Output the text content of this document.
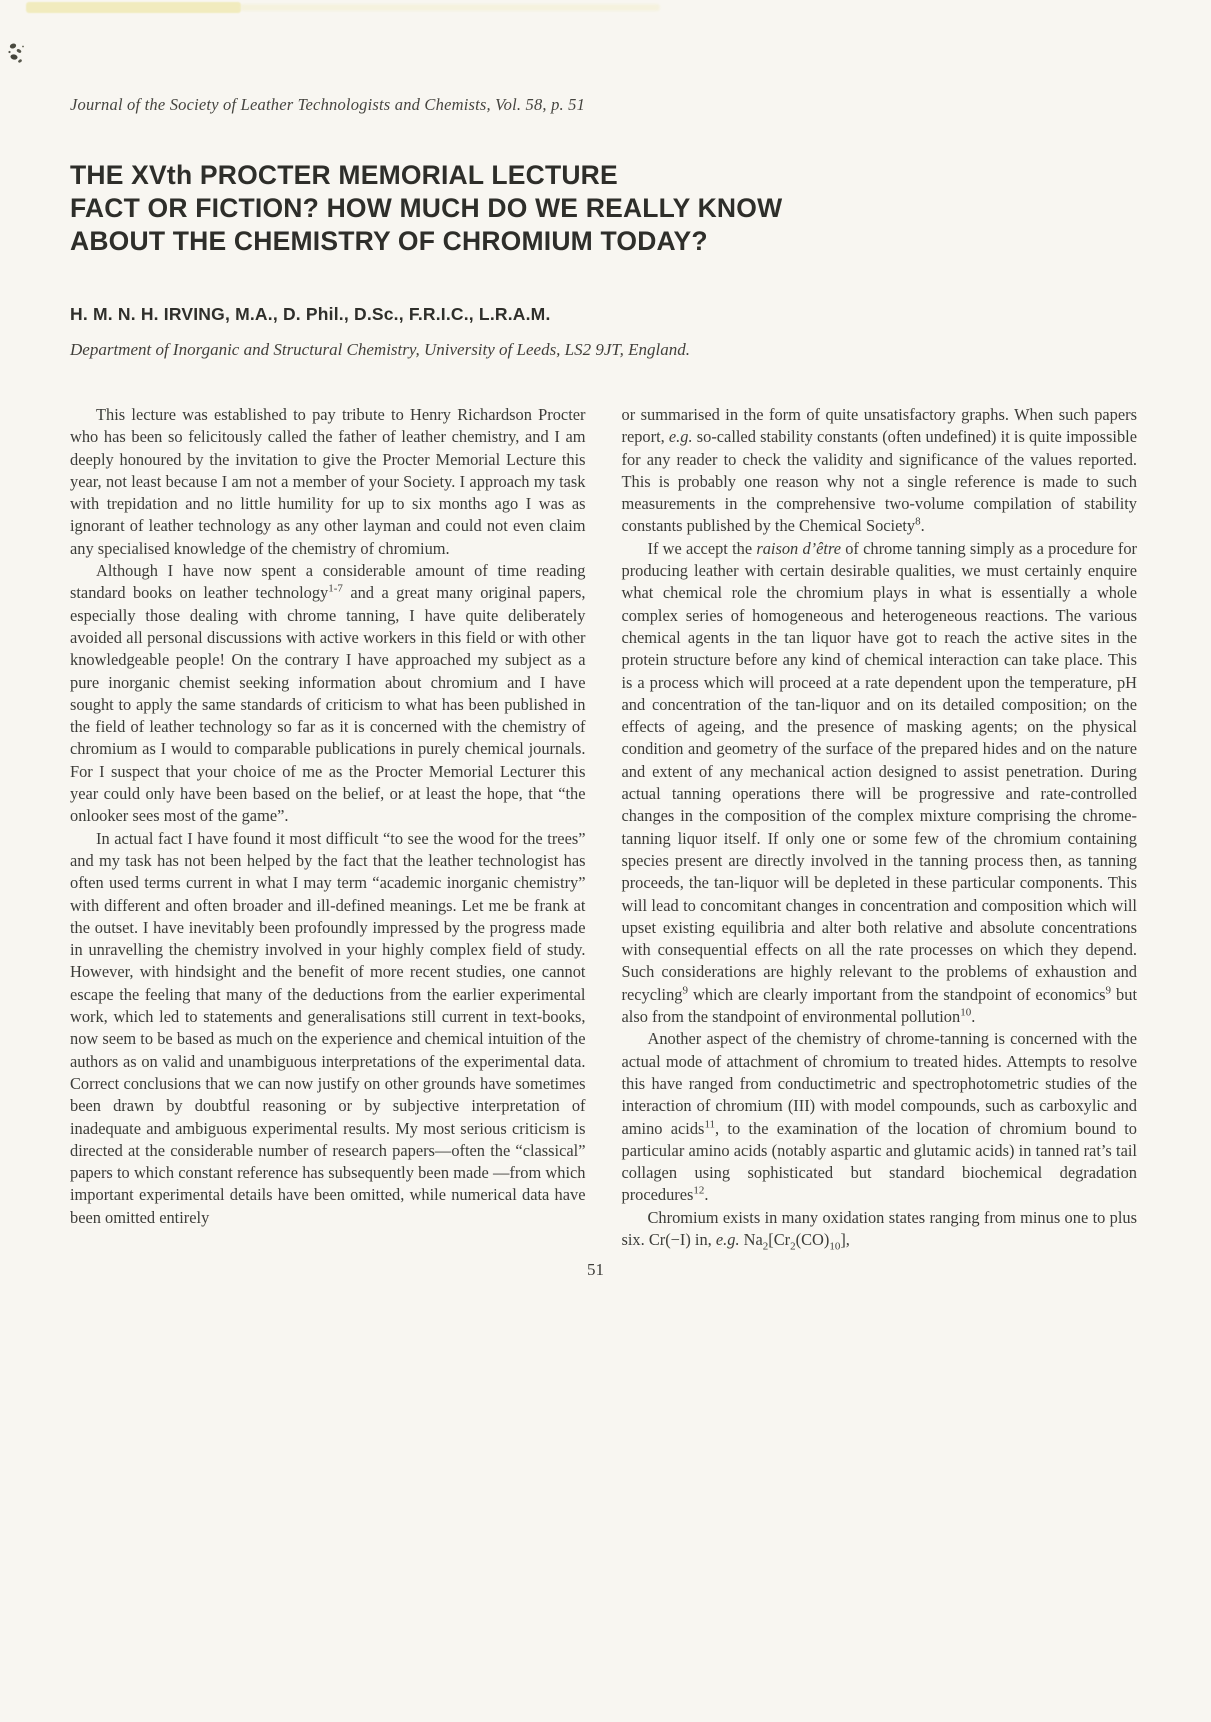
Journal of the Society of Leather Technologists and Chemists, Vol. 58, p. 51
THE XVth PROCTER MEMORIAL LECTURE
FACT OR FICTION? HOW MUCH DO WE REALLY KNOW
ABOUT THE CHEMISTRY OF CHROMIUM TODAY?
H. M. N. H. IRVING, M.A., D. Phil., D.Sc., F.R.I.C., L.R.A.M.
Department of Inorganic and Structural Chemistry, University of Leeds, LS2 9JT, England.

This lecture was established to pay tribute to Henry Richardson Procter who has been so felicitously called the father of leather chemistry, and I am deeply honoured by the invitation to give the Procter Memorial Lecture this year, not least because I am not a member of your Society. I approach my task with trepidation and no little humility for up to six months ago I was as ignorant of leather technology as any other layman and could not even claim any specialised knowledge of the chemistry of chromium.

Although I have now spent a considerable amount of time reading standard books on leather technology$^{1-7}$ and a great many original papers, especially those dealing with chrome tanning, I have quite deliberately avoided all personal discussions with active workers in this field or with other knowledgeable people! On the contrary I have approached my subject as a pure inorganic chemist seeking information about chromium and I have sought to apply the same standards of criticism to what has been published in the field of leather technology so far as it is concerned with the chemistry of chromium as I would to comparable publications in purely chemical journals. For I suspect that your choice of me as the Procter Memorial Lecturer this year could only have been based on the belief, or at least the hope, that “the onlooker sees most of the game”.

In actual fact I have found it most difficult “to see the wood for the trees” and my task has not been helped by the fact that the leather technologist has often used terms current in what I may term “academic inorganic chemistry” with different and often broader and ill-defined meanings. Let me be frank at the outset. I have inevitably been profoundly impressed by the progress made in unravelling the chemistry involved in your highly complex field of study. However, with hindsight and the benefit of more recent studies, one cannot escape the feeling that many of the deductions from the earlier experimental work, which led to statements and generalisations still current in text-books, now seem to be based as much on the experience and chemical intuition of the authors as on valid and unambiguous interpretations of the experimental data. Correct conclusions that we can now justify on other grounds have sometimes been drawn by doubtful reasoning or by subjective interpretation of inadequate and ambiguous experimental results. My most serious criticism is directed at the considerable number of research papers—often the “classical” papers to which constant reference has subsequently been made —from which important experimental details have been omitted, while numerical data have been omitted entirely

or summarised in the form of quite unsatisfactory graphs. When such papers report, e.g. so-called stability constants (often undefined) it is quite impossible for any reader to check the validity and significance of the values reported. This is probably one reason why not a single reference is made to such measurements in the comprehensive two-volume compilation of stability constants published by the Chemical Society$^8$.

If we accept the raison d’être of chrome tanning simply as a procedure for producing leather with certain desirable qualities, we must certainly enquire what chemical role the chromium plays in what is essentially a whole complex series of homogeneous and heterogeneous reactions. The various chemical agents in the tan liquor have got to reach the active sites in the protein structure before any kind of chemical interaction can take place. This is a process which will proceed at a rate dependent upon the temperature, pH and concentration of the tan-liquor and on its detailed composition; on the effects of ageing, and the presence of masking agents; on the physical condition and geometry of the surface of the prepared hides and on the nature and extent of any mechanical action designed to assist penetration. During actual tanning operations there will be progressive and rate-controlled changes in the composition of the complex mixture comprising the chrome-tanning liquor itself. If only one or some few of the chromium containing species present are directly involved in the tanning process then, as tanning proceeds, the tan-liquor will be depleted in these particular components. This will lead to concomitant changes in concentration and composition which will upset existing equilibria and alter both relative and absolute concentrations with consequential effects on all the rate processes on which they depend. Such considerations are highly relevant to the problems of exhaustion and recycling$^9$ which are clearly important from the standpoint of economics$^9$ but also from the standpoint of environmental pollution$^{10}$.

Another aspect of the chemistry of chrome-tanning is concerned with the actual mode of attachment of chromium to treated hides. Attempts to resolve this have ranged from conductimetric and spectrophotometric studies of the interaction of chromium (III) with model compounds, such as carboxylic and amino acids$^{11}$, to the examination of the location of chromium bound to particular amino acids (notably aspartic and glutamic acids) in tanned rat’s tail collagen using sophisticated but standard biochemical degradation procedures$^{12}$.

Chromium exists in many oxidation states ranging from minus one to plus six. Cr(−I) in, e.g. $Na_2[Cr_2(CO)_{10}]$,

51
